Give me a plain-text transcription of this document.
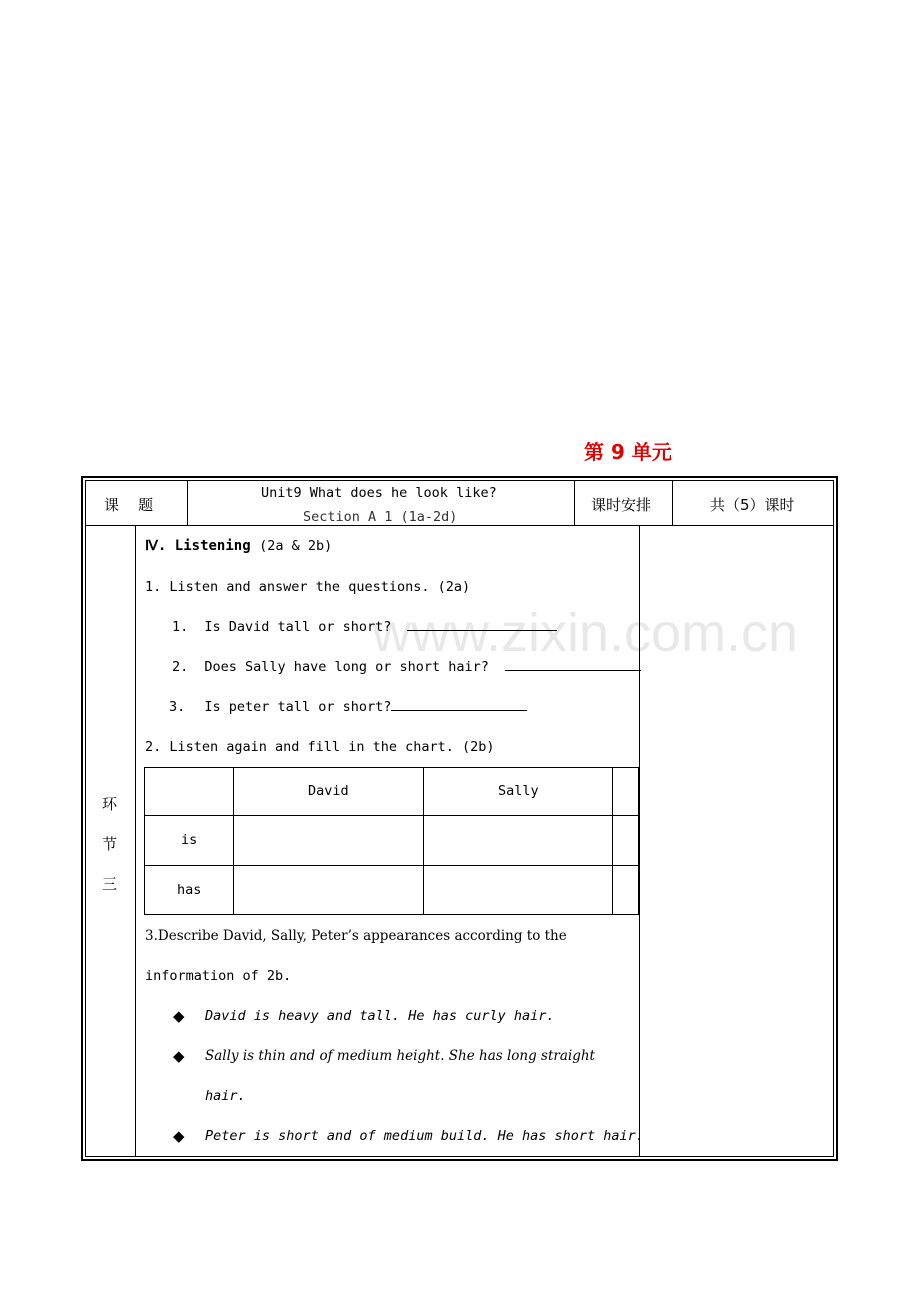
第 9 单元
课    题
Unit9 What does he look like?
Section A 1 (1a-2d)
课时安排	共（5）课时
环
节
三
Ⅳ. Listening (2a & 2b)
1. Listen and answer the questions. (2a)
1. Is David tall or short?
2. Does Sally have long or short hair?
3. Is peter tall or short?
2. Listen again and fill in the chart. (2b)
David	Sally
is
has
3.Describe David, Sally, Peter’s appearances according to the
information of 2b.
◆ David is heavy and tall. He has curly hair.
◆ Sally is thin and of medium height. She has long straight
hair.
◆ Peter is short and of medium build. He has short hair.
www.zixin.com.cn
